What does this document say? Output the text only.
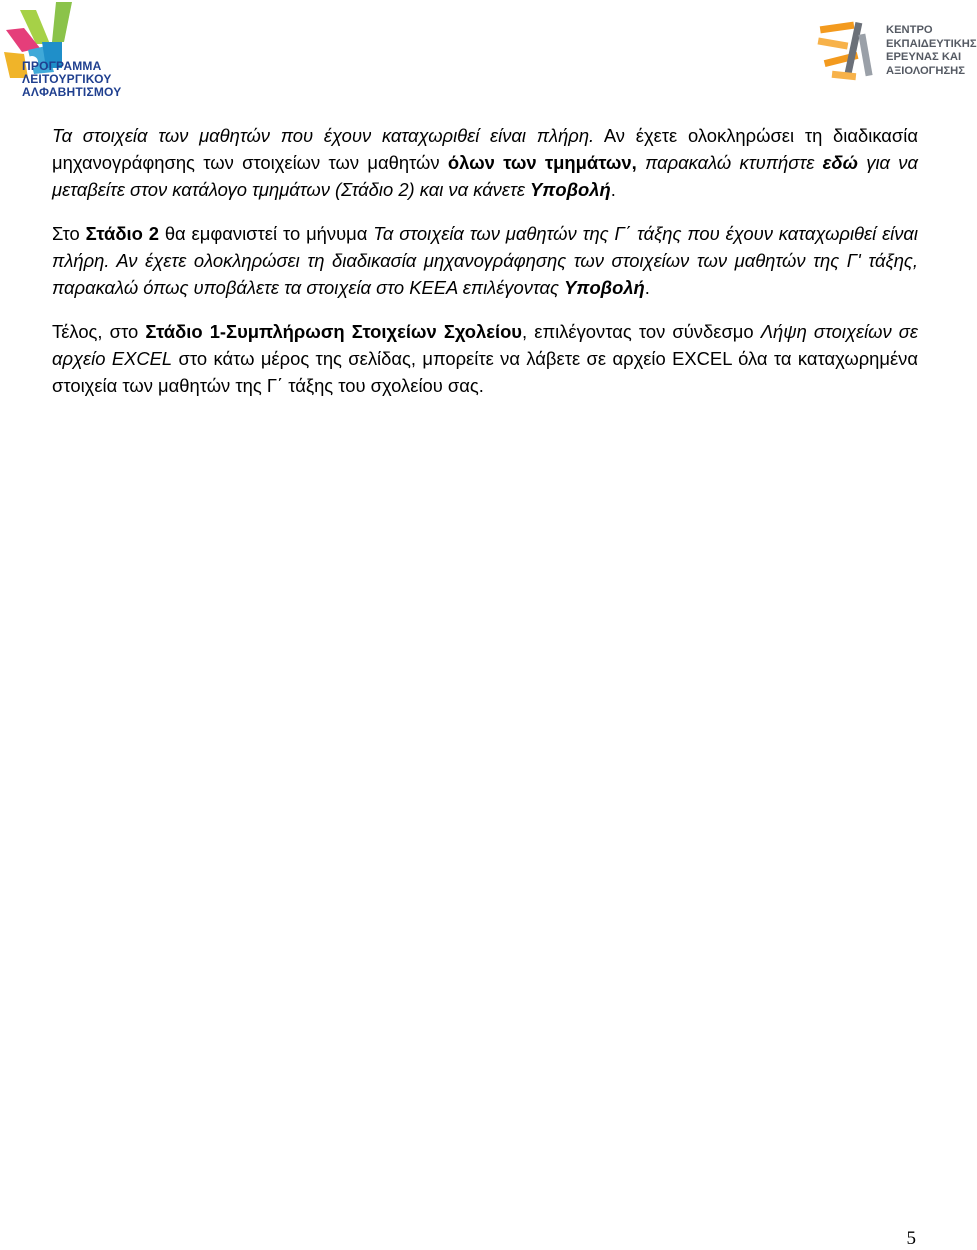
ΠΡΟΓΡΑΜΜΑ
ΛΕΙΤΟΥΡΓΙΚΟΥ
ΑΛΦΑΒΗΤΙΣΜΟΥ
ΚΕΝΤΡΟ
ΕΚΠΑΙΔΕΥΤΙΚΗΣ
ΕΡΕΥΝΑΣ ΚΑΙ
ΑΞΙΟΛΟΓΗΣΗΣ

Τα στοιχεία των μαθητών που έχουν καταχωριθεί είναι πλήρη. Αν έχετε ολοκληρώσει τη διαδικασία μηχανογράφησης των στοιχείων των μαθητών όλων των τμημάτων, παρακαλώ κτυπήστε εδώ για να μεταβείτε στον κατάλογο τμημάτων (Στάδιο 2) και να κάνετε Υποβολή.

Στο Στάδιο 2 θα εμφανιστεί το μήνυμα Τα στοιχεία των μαθητών της Γ΄ τάξης που έχουν καταχωριθεί είναι πλήρη. Αν έχετε ολοκληρώσει τη διαδικασία μηχανογράφησης των στοιχείων των μαθητών της Γ' τάξης, παρακαλώ όπως υποβάλετε τα στοιχεία στο ΚΕΕΑ επιλέγοντας Υποβολή.

Τέλος, στο Στάδιο 1-Συμπλήρωση Στοιχείων Σχολείου, επιλέγοντας τον σύνδεσμο Λήψη στοιχείων σε αρχείο EXCEL στο κάτω μέρος της σελίδας, μπορείτε να λάβετε σε αρχείο EXCEL όλα τα καταχωρημένα στοιχεία των μαθητών της Γ΄ τάξης του σχολείου σας.

5
